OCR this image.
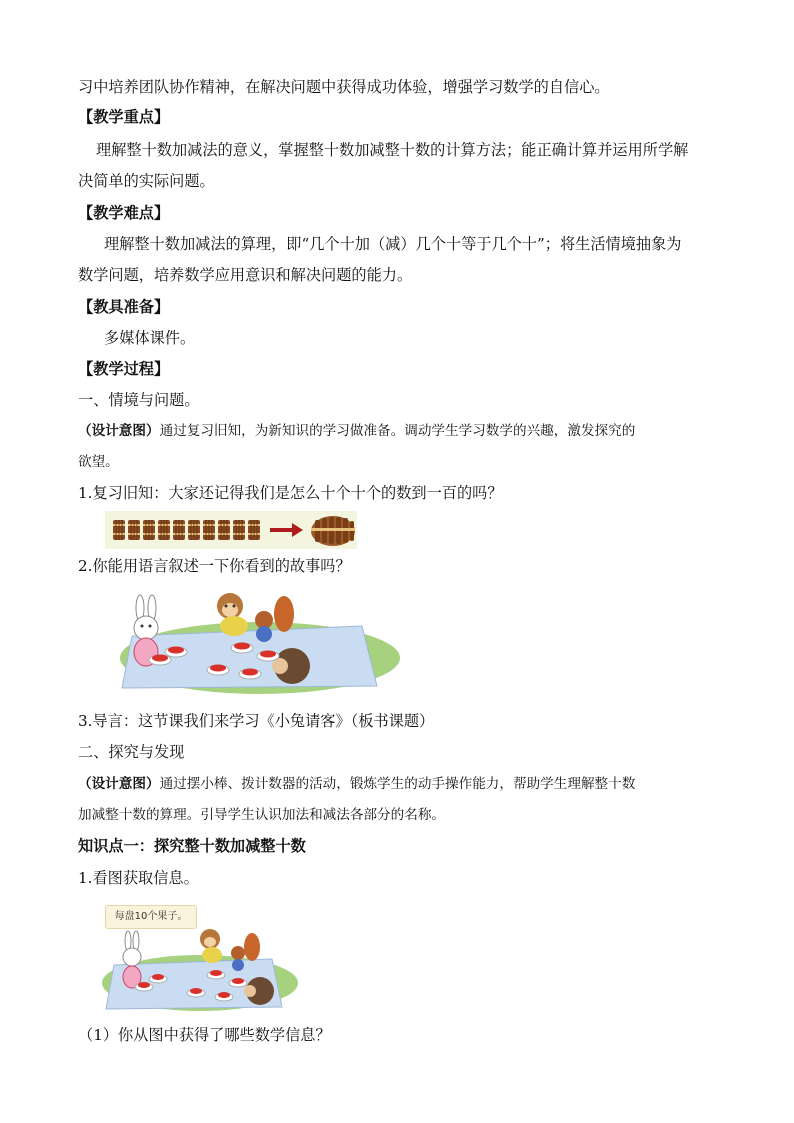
习中培养团队协作精神，在解决问题中获得成功体验，增强学习数学的自信心。
【教学重点】
理解整十数加减法的意义，掌握整十数加减整十数的计算方法；能正确计算并运用所学解
决简单的实际问题。
【教学难点】
理解整十数加减法的算理，即“几个十加（减）几个十等于几个十”；将生活情境抽象为
数学问题，培养数学应用意识和解决问题的能力。
【教具准备】
多媒体课件。
【教学过程】
一、情境与问题。
（设计意图）通过复习旧知，为新知识的学习做准备。调动学生学习数学的兴趣，激发探究的
欲望。
1.复习旧知：大家还记得我们是怎么十个十个的数到一百的吗？
2.你能用语言叙述一下你看到的故事吗？
3.导言：这节课我们来学习《小兔请客》（板书课题）
二、探究与发现
（设计意图）通过摆小棒、拨计数器的活动，锻炼学生的动手操作能力，帮助学生理解整十数
加减整十数的算理。引导学生认识加法和减法各部分的名称。
知识点一：探究整十数加减整十数
1.看图获取信息。
每盘10个果子。
（1）你从图中获得了哪些数学信息？
